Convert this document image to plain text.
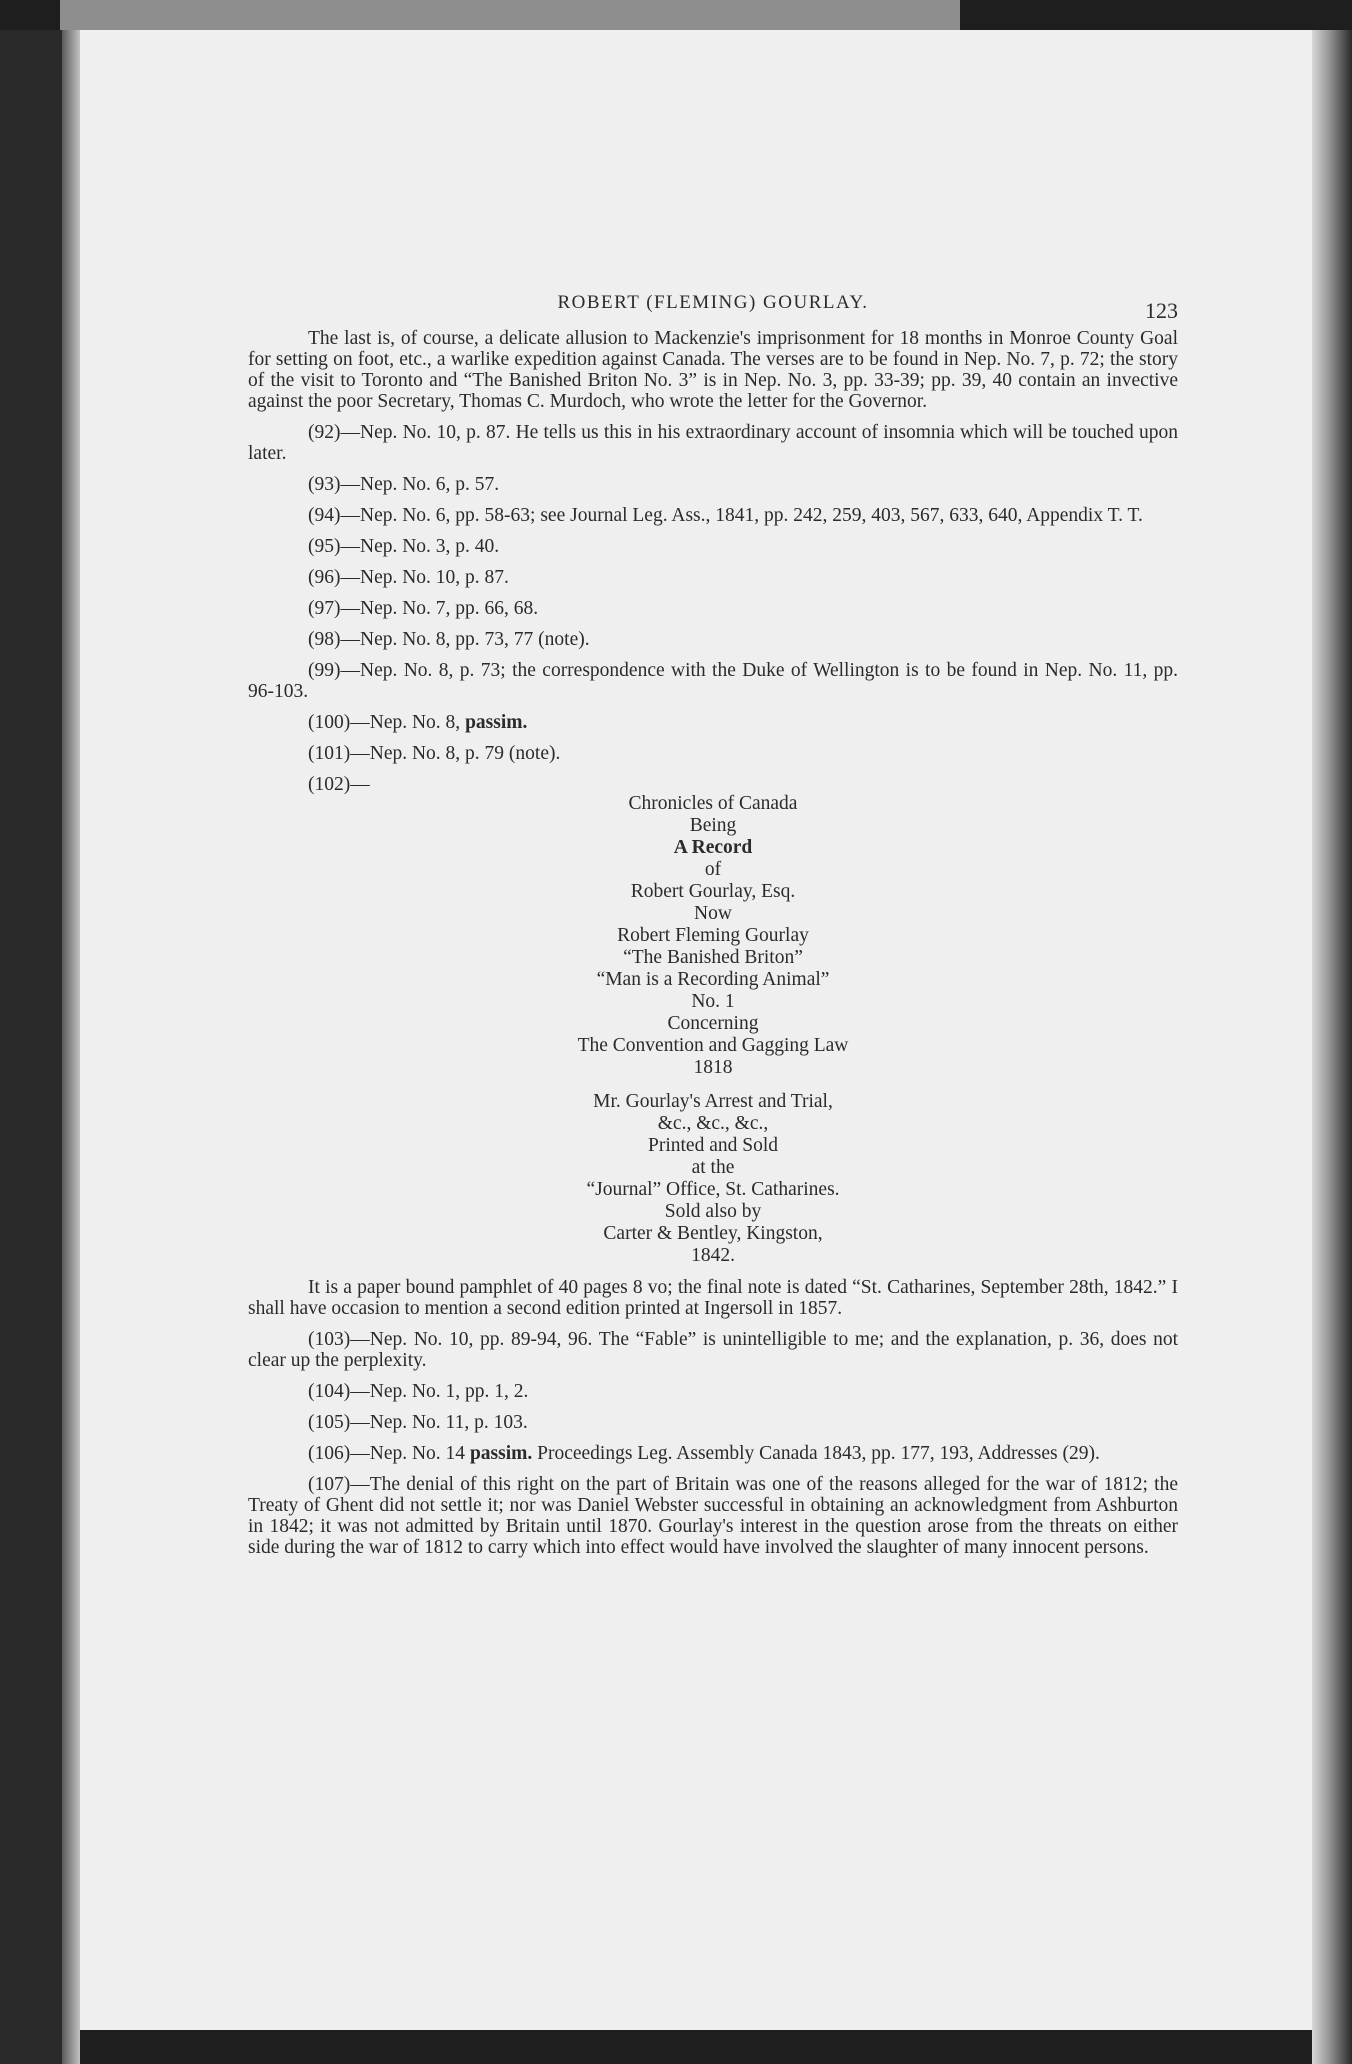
ROBERT (FLEMING) GOURLAY.	123

The last is, of course, a delicate allusion to Mackenzie's imprisonment for 18 months in Monroe County Goal for setting on foot, etc., a warlike expedition against Canada. The verses are to be found in Nep. No. 7, p. 72; the story of the visit to Toronto and “The Banished Briton No. 3” is in Nep. No. 3, pp. 33-39; pp. 39, 40 contain an invective against the poor Secretary, Thomas C. Murdoch, who wrote the letter for the Governor.

(92)—Nep. No. 10, p. 87. He tells us this in his extraordinary account of insomnia which will be touched upon later.

(93)—Nep. No. 6, p. 57.

(94)—Nep. No. 6, pp. 58-63; see Journal Leg. Ass., 1841, pp. 242, 259, 403, 567, 633, 640, Appendix T. T.

(95)—Nep. No. 3, p. 40.

(96)—Nep. No. 10, p. 87.

(97)—Nep. No. 7, pp. 66, 68.

(98)—Nep. No. 8, pp. 73, 77 (note).

(99)—Nep. No. 8, p. 73; the correspondence with the Duke of Wellington is to be found in Nep. No. 11, pp. 96-103.

(100)—Nep. No. 8, passim.

(101)—Nep. No. 8, p. 79 (note).

(102)—

Chronicles of Canada
Being
A Record
of
Robert Gourlay, Esq.
Now
Robert Fleming Gourlay
“The Banished Briton”
“Man is a Recording Animal”
No. 1
Concerning
The Convention and Gagging Law
1818
Mr. Gourlay's Arrest and Trial,
&c., &c., &c.,
Printed and Sold
at the
“Journal” Office, St. Catharines.
Sold also by
Carter & Bentley, Kingston,
1842.

It is a paper bound pamphlet of 40 pages 8 vo; the final note is dated “St. Catharines, September 28th, 1842.” I shall have occasion to mention a second edition printed at Ingersoll in 1857.

(103)—Nep. No. 10, pp. 89-94, 96. The “Fable” is unintelligible to me; and the explanation, p. 36, does not clear up the perplexity.

(104)—Nep. No. 1, pp. 1, 2.

(105)—Nep. No. 11, p. 103.

(106)—Nep. No. 14 passim. Proceedings Leg. Assembly Canada 1843, pp. 177, 193, Addresses (29).

(107)—The denial of this right on the part of Britain was one of the reasons alleged for the war of 1812; the Treaty of Ghent did not settle it; nor was Daniel Webster successful in obtaining an acknowledgment from Ashburton in 1842; it was not admitted by Britain until 1870. Gourlay's interest in the question arose from the threats on either side during the war of 1812 to carry which into effect would have involved the slaughter of many innocent persons.
